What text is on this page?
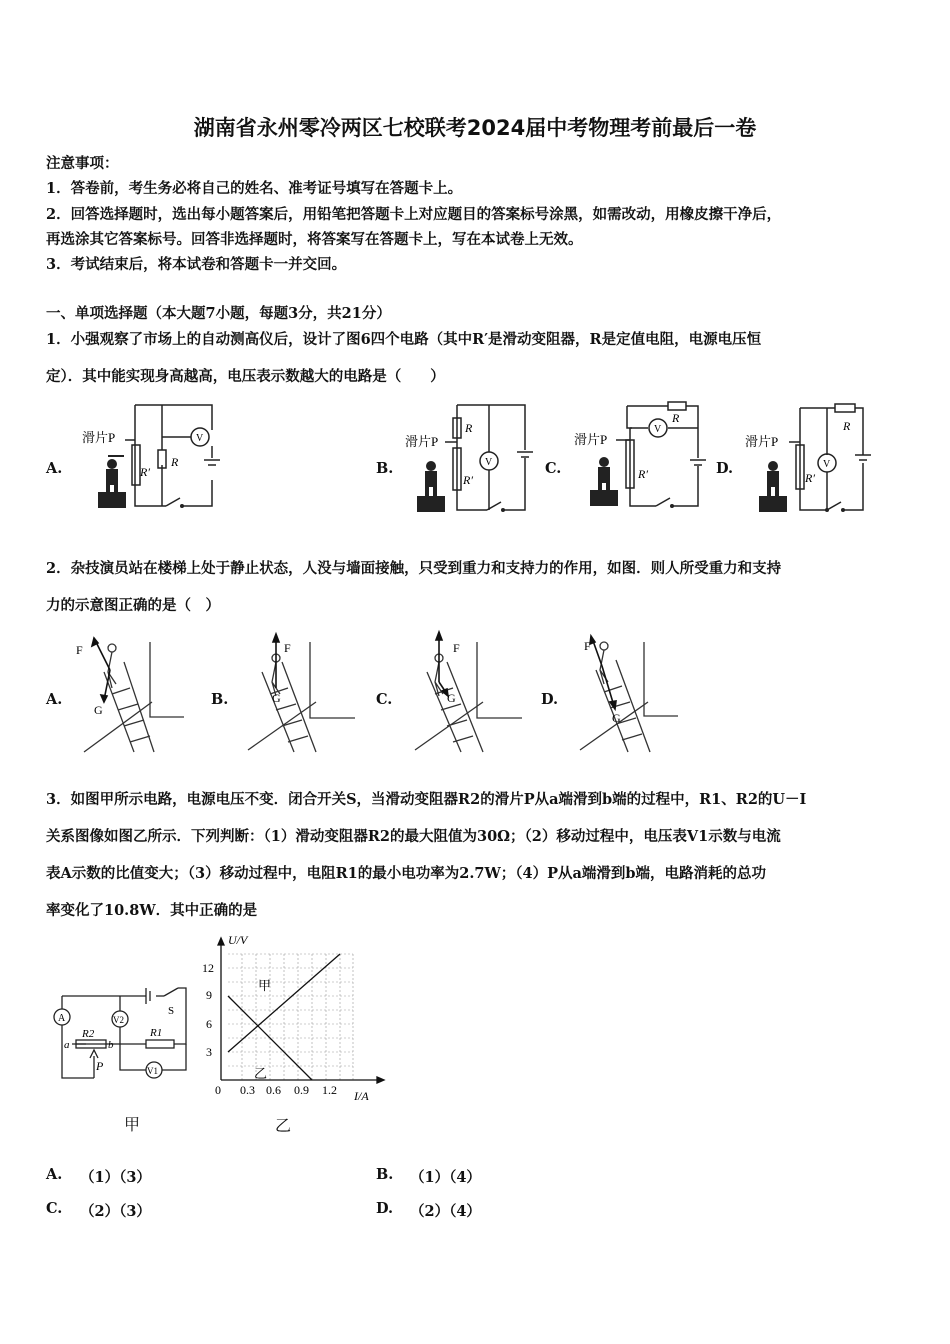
湖南省永州零冷两区七校联考2024届中考物理考前最后一卷
注意事项：
1．答卷前，考生务必将自己的姓名、准考证号填写在答题卡上。
2．回答选择题时，选出每小题答案后，用铅笔把答题卡上对应题目的答案标号涂黑，如需改动，用橡皮擦干净后，
再选涂其它答案标号。回答非选择题时，将答案写在答题卡上，写在本试卷上无效。
3．考试结束后，将本试卷和答题卡一并交回。
一、单项选择题（本大题7小题，每题3分，共21分）
1．小强观察了市场上的自动测高仪后，设计了图6四个电路（其中R′是滑动变阻器，R是定值电阻，电源电压恒
定）．其中能实现身高越高，电压表示数越大的电路是（　　）
A.	B.	C.	D.
滑片P
R′
R
V	滑片P
R
R′
V
滑片P
R
R′
V
滑片P
R
R′
V
2．杂技演员站在楼梯上处于静止状态，人没与墙面接触，只受到重力和支持力的作用，如图．则人所受重力和支持
力的示意图正确的是（　）
A.	B.	C.	D.
F
G
F
G
F
G
F
G
3．如图甲所示电路，电源电压不变．闭合开关S，当滑动变阻器R2的滑片P从a端滑到b端的过程中，R1、R2的U－I
关系图像如图乙所示．下列判断：（1）滑动变阻器R2的最大阻值为30Ω；（2）移动过程中，电压表V1示数与电流
表A示数的比值变大；（3）移动过程中，电阻R1的最小电功率为2.7W；（4）P从a端滑到b端，电路消耗的总功
率变化了10.8W．其中正确的是
A	V2
V1
R2	R1
S
a	b
P
甲
U/V
I/A
12
9
6
3
0 0.3 0.6 0.9 1.2
甲
乙
乙
A. （1）（3）	B. （1）（4）
C. （2）（3）	D. （2）（4）
